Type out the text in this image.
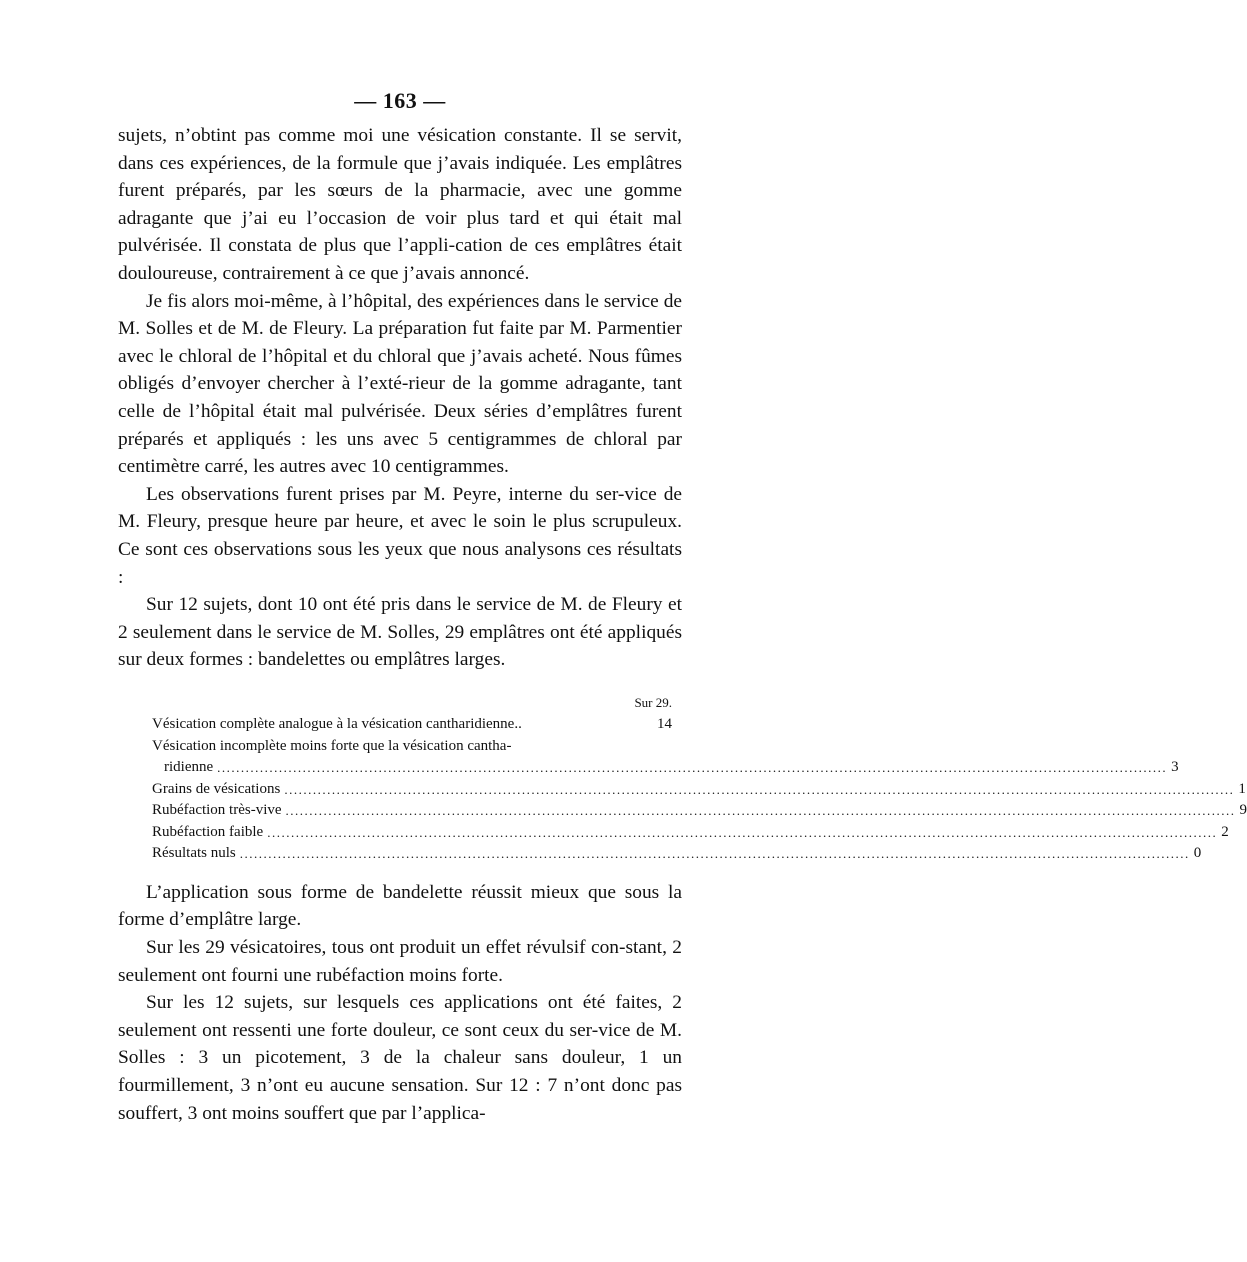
— 163 —

sujets, n’obtint pas comme moi une vésication constante. Il se servit, dans ces expériences, de la formule que j’avais indiquée. Les emplâtres furent préparés, par les sœurs de la pharmacie, avec une gomme adragante que j’ai eu l’occasion de voir plus tard et qui était mal pulvérisée. Il constata de plus que l’appli-cation de ces emplâtres était douloureuse, contrairement à ce que j’avais annoncé.

Je fis alors moi-même, à l’hôpital, des expériences dans le service de M. Solles et de M. de Fleury. La préparation fut faite par M. Parmentier avec le chloral de l’hôpital et du chloral que j’avais acheté. Nous fûmes obligés d’envoyer chercher à l’exté-rieur de la gomme adragante, tant celle de l’hôpital était mal pulvérisée. Deux séries d’emplâtres furent préparés et appliqués : les uns avec 5 centigrammes de chloral par centimètre carré, les autres avec 10 centigrammes.

Les observations furent prises par M. Peyre, interne du ser-vice de M. Fleury, presque heure par heure, et avec le soin le plus scrupuleux. Ce sont ces observations sous les yeux que nous analysons ces résultats :

Sur 12 sujets, dont 10 ont été pris dans le service de M. de Fleury et 2 seulement dans le service de M. Solles, 29 emplâtres ont été appliqués sur deux formes : bandelettes ou emplâtres larges.

Sur 29.
Vésication complète analogue à la vésication cantharidienne..	14
Vésication incomplète moins forte que la vésication cantha-
ridienne ........................................................................................................................................................................................................ 3
Grains de vésications ........................................................................................................................................................................................................ 1
Rubéfaction très-vive ........................................................................................................................................................................................................ 9
Rubéfaction faible ........................................................................................................................................................................................................ 2
Résultats nuls ........................................................................................................................................................................................................ 0

L’application sous forme de bandelette réussit mieux que sous la forme d’emplâtre large.

Sur les 29 vésicatoires, tous ont produit un effet révulsif con-stant, 2 seulement ont fourni une rubéfaction moins forte.

Sur les 12 sujets, sur lesquels ces applications ont été faites, 2 seulement ont ressenti une forte douleur, ce sont ceux du ser-vice de M. Solles : 3 un picotement, 3 de la chaleur sans douleur, 1 un fourmillement, 3 n’ont eu aucune sensation. Sur 12 : 7 n’ont donc pas souffert, 3 ont moins souffert que par l’applica-
